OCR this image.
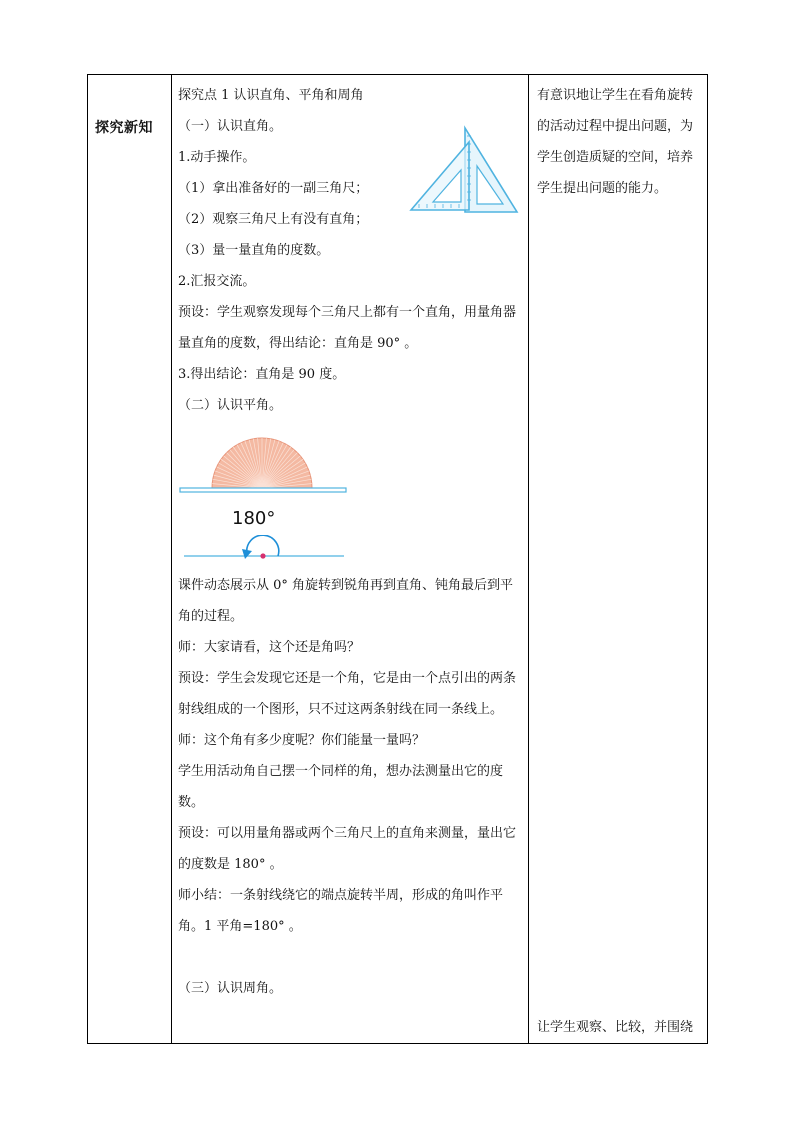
探究新知

探究点 1 认识直角、平角和周角

（一）认识直角。

1.动手操作。

（1）拿出准备好的一副三角尺；

（2）观察三角尺上有没有直角；

（3）量一量直角的度数。

2.汇报交流。

预设：学生观察发现每个三角尺上都有一个直角，用量角器量直角的度数，得出结论：直角是 90° 。

3.得出结论：直角是 90 度。

（二）认识平角。

课件动态展示从 0° 角旋转到锐角再到直角、钝角最后到平角的过程。

师：大家请看，这个还是角吗？

预设：学生会发现它还是一个角，它是由一个点引出的两条射线组成的一个图形，只不过这两条射线在同一条线上。

师：这个角有多少度呢？你们能量一量吗？

学生用活动角自己摆一个同样的角，想办法测量出它的度数。

预设：可以用量角器或两个三角尺上的直角来测量，量出它的度数是 180° 。

师小结：一条射线绕它的端点旋转半周，形成的角叫作平角。1 平角=180° 。

（三）认识周角。

180°
有意识地让学生在看角旋转的活动过程中提出问题，为学生创造质疑的空间，培养学生提出问题的能力。
让学生观察、比较，并围绕
